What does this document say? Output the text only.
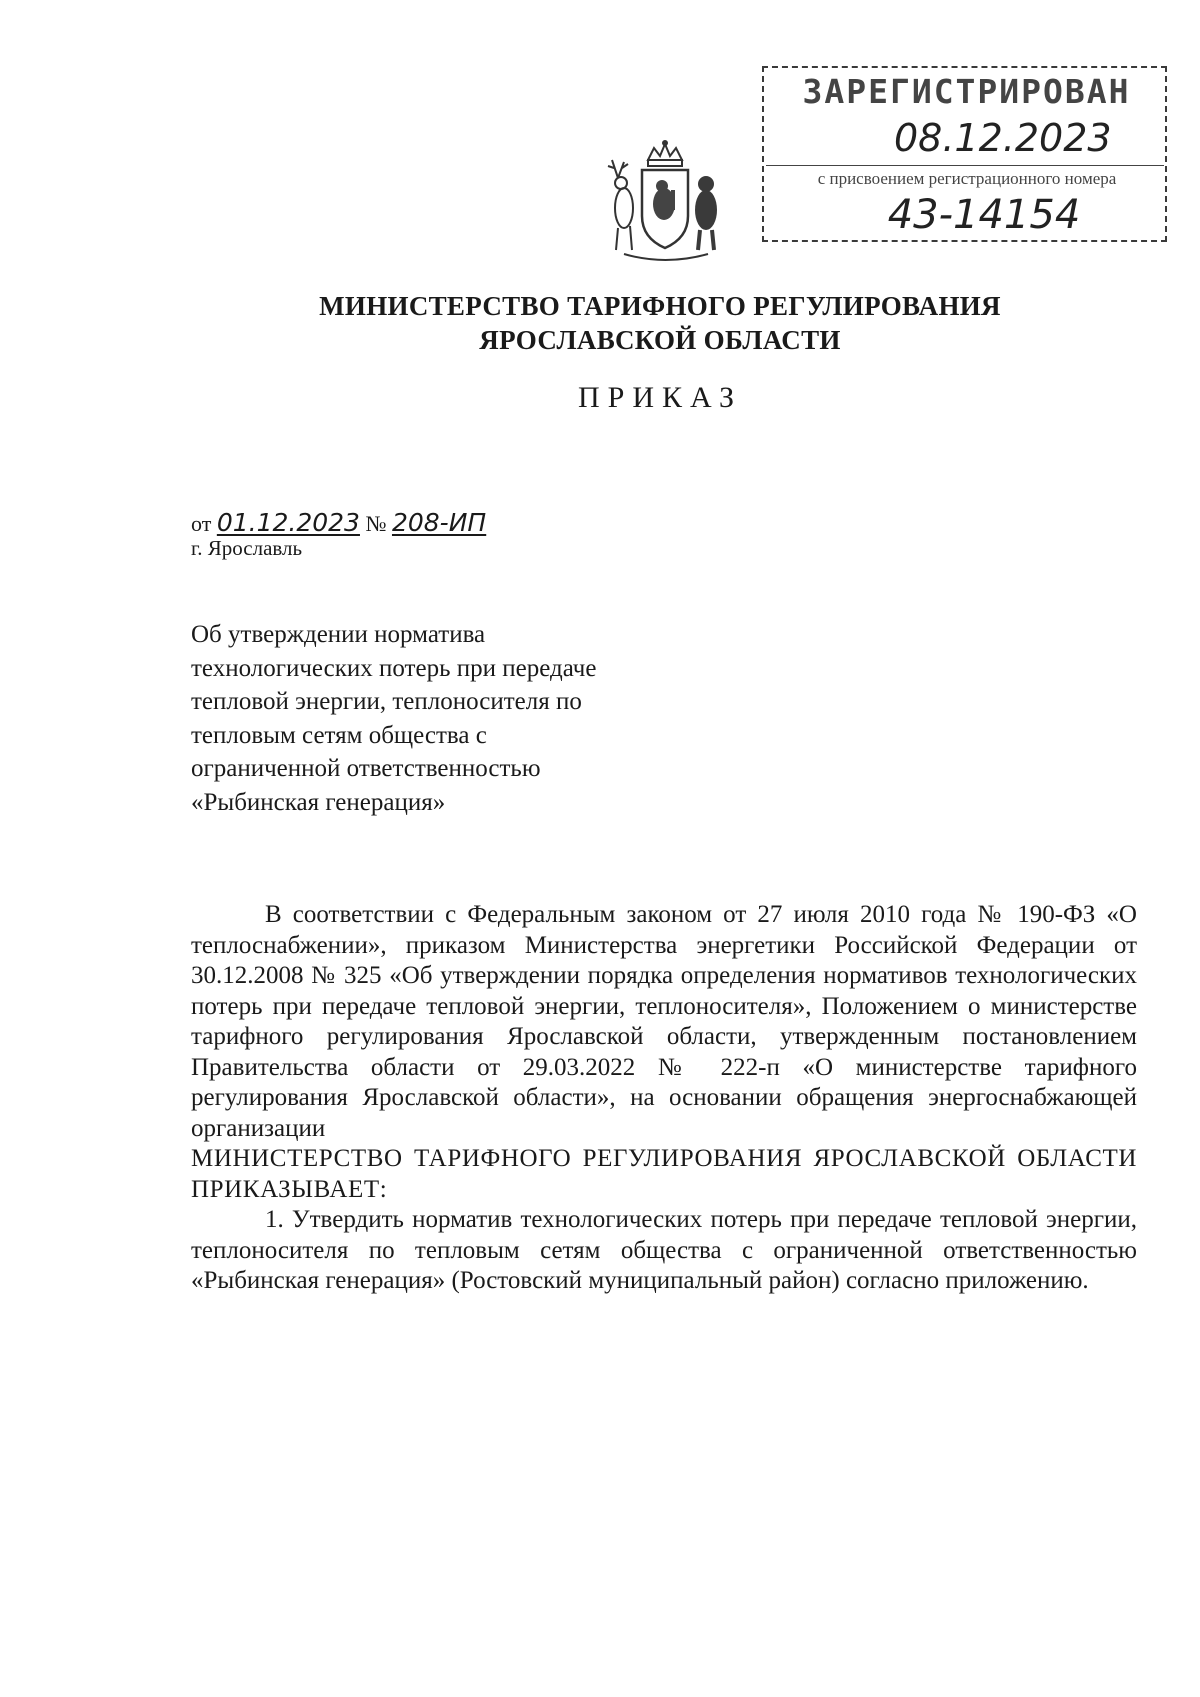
ЗАРЕГИСТРИРОВАН
08.12.2023
с присвоением регистрационного номера
43-14154
МИНИСТЕРСТВО ТАРИФНОГО РЕГУЛИРОВАНИЯ
ЯРОСЛАВСКОЙ ОБЛАСТИ
ПРИКАЗ
от 01.12.2023 № 208-ИП
г. Ярославль
Об утверждении норматива технологических потерь при передаче тепловой энергии, теплоносителя по тепловым сетям общества с ограниченной ответственностью «Рыбинская генерация»

В соответствии с Федеральным законом от 27 июля 2010 года № 190-ФЗ «О теплоснабжении», приказом Министерства энергетики Российской Федерации от 30.12.2008 № 325 «Об утверждении порядка определения нормативов технологических потерь при передаче тепловой энергии, теплоносителя», Положением о министерстве тарифного регулирования Ярославской области, утвержденным постановлением Правительства области от 29.03.2022 № 222-п «О министерстве тарифного регулирования Ярославской области», на основании обращения энергоснабжающей организации

МИНИСТЕРСТВО ТАРИФНОГО РЕГУЛИРОВАНИЯ ЯРОСЛАВСКОЙ ОБЛАСТИ ПРИКАЗЫВАЕТ:

1. Утвердить норматив технологических потерь при передаче тепловой энергии, теплоносителя по тепловым сетям общества с ограниченной ответственностью «Рыбинская генерация» (Ростовский муниципальный район) согласно приложению.
